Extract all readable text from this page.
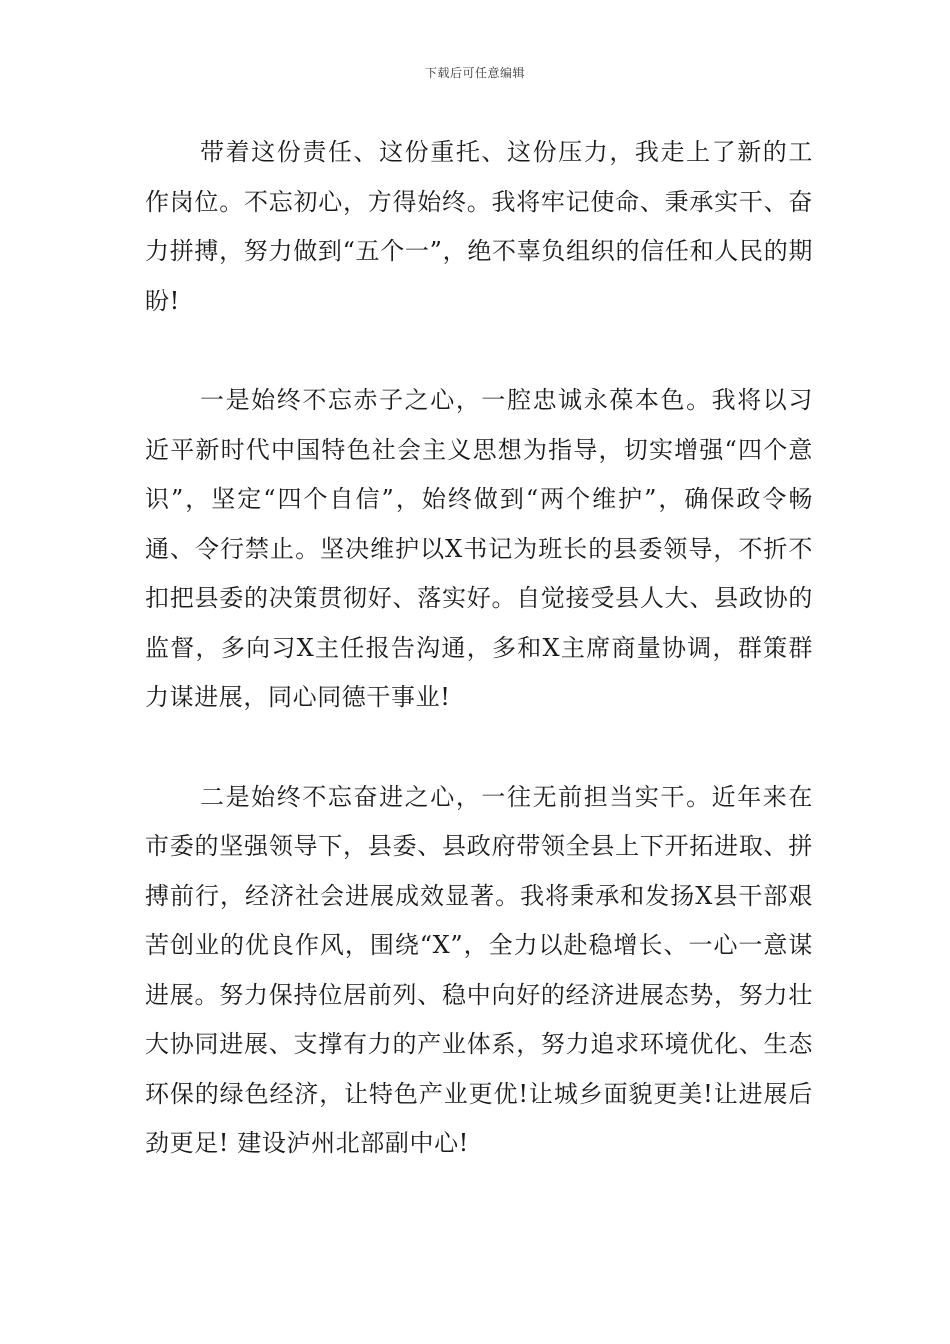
下载后可任意编辑

带着这份责任、这份重托、这份压力，我走上了新的工作岗位。不忘初心，方得始终。我将牢记使命、秉承实干、奋力拼搏，努力做到“五个一”，绝不辜负组织的信任和人民的期盼!

一是始终不忘赤子之心，一腔忠诚永葆本色。我将以习近平新时代中国特色社会主义思想为指导，切实增强“四个意识”，坚定“四个自信”，始终做到“两个维护”，确保政令畅通、令行禁止。坚决维护以X书记为班长的县委领导，不折不扣把县委的决策贯彻好、落实好。自觉接受县人大、县政协的监督，多向习X主任报告沟通，多和X主席商量协调，群策群力谋进展，同心同德干事业!

二是始终不忘奋进之心，一往无前担当实干。近年来在市委的坚强领导下，县委、县政府带领全县上下开拓进取、拼搏前行，经济社会进展成效显著。我将秉承和发扬X县干部艰苦创业的优良作风，围绕“X”，全力以赴稳增长、一心一意谋进展。努力保持位居前列、稳中向好的经济进展态势，努力壮大协同进展、支撑有力的产业体系，努力追求环境优化、生态环保的绿色经济，让特色产业更优!让城乡面貌更美!让进展后劲更足! 建设泸州北部副中心!
